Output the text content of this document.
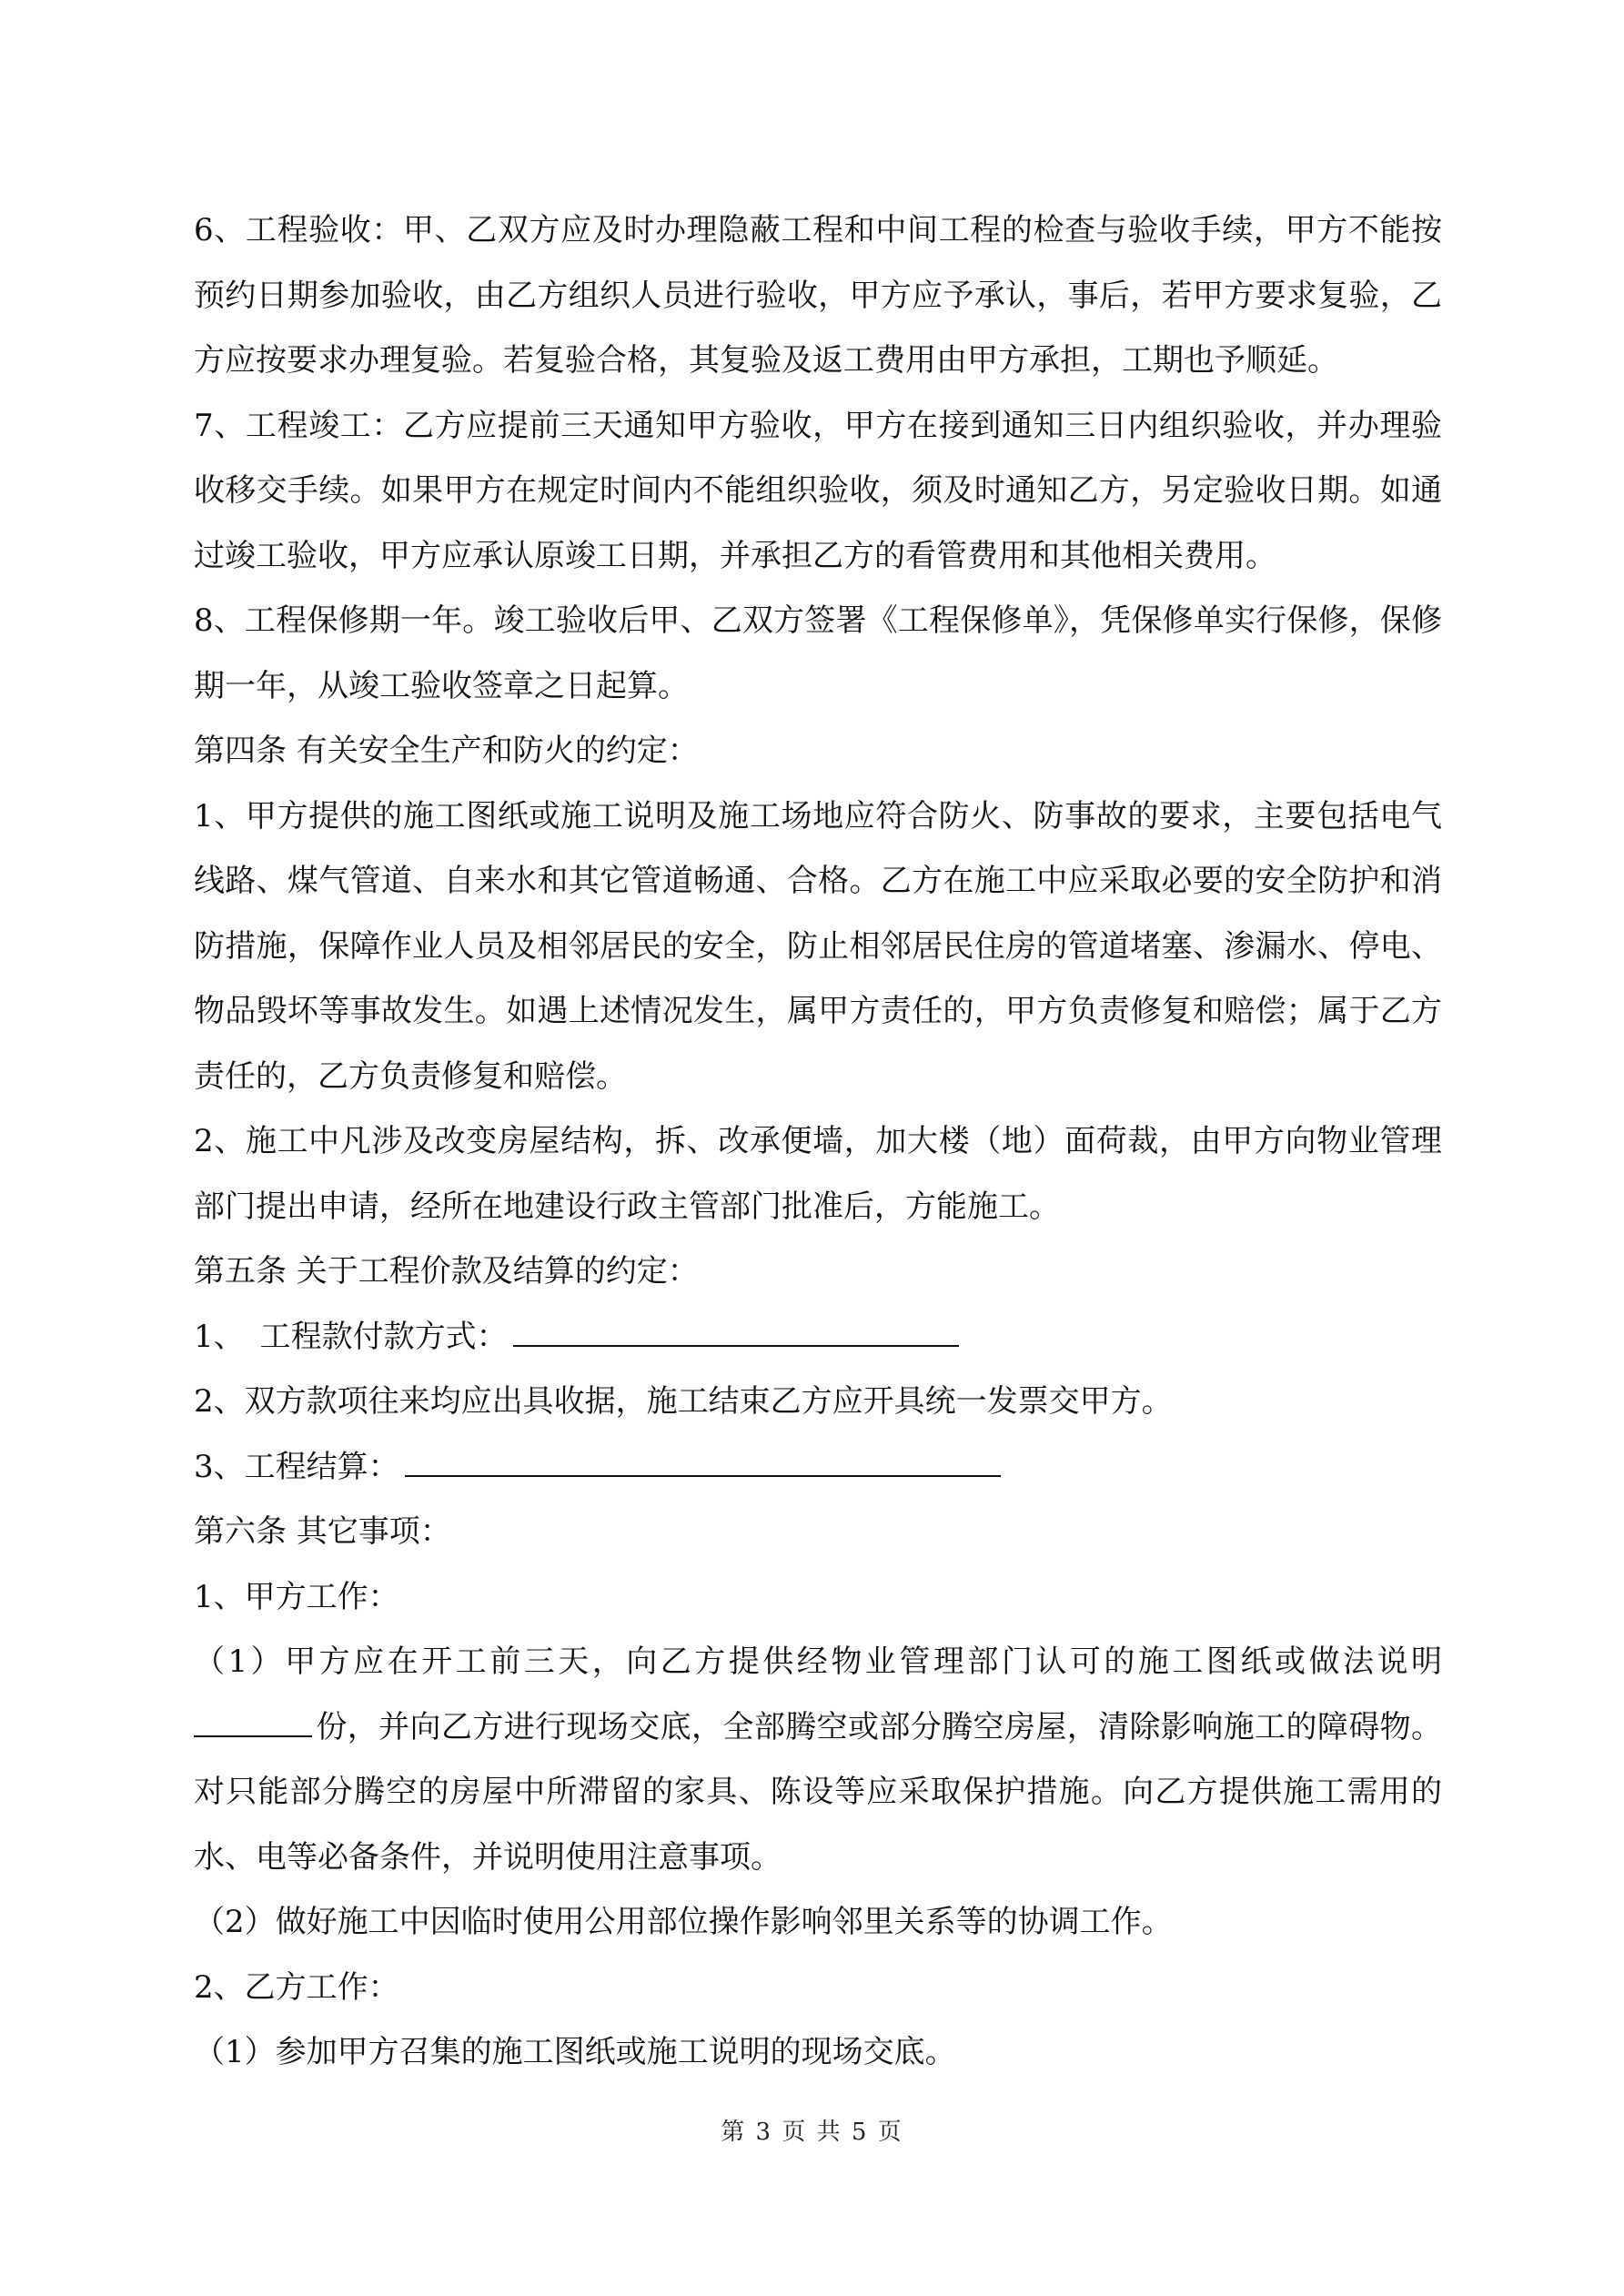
6、工程验收：甲、乙双方应及时办理隐蔽工程和中间工程的检查与验收手续，甲方不能按预约日期参加验收，由乙方组织人员进行验收，甲方应予承认，事后，若甲方要求复验，乙方应按要求办理复验。若复验合格，其复验及返工费用由甲方承担，工期也予顺延。

7、工程竣工：乙方应提前三天通知甲方验收，甲方在接到通知三日内组织验收，并办理验收移交手续。如果甲方在规定时间内不能组织验收，须及时通知乙方，另定验收日期。如通过竣工验收，甲方应承认原竣工日期，并承担乙方的看管费用和其他相关费用。

8、工程保修期一年。竣工验收后甲、乙双方签署《工程保修单》，凭保修单实行保修，保修期一年，从竣工验收签章之日起算。

第四条 有关安全生产和防火的约定：

1、甲方提供的施工图纸或施工说明及施工场地应符合防火、防事故的要求，主要包括电气线路、煤气管道、自来水和其它管道畅通、合格。乙方在施工中应采取必要的安全防护和消防措施，保障作业人员及相邻居民的安全，防止相邻居民住房的管道堵塞、渗漏水、停电、物品毁坏等事故发生。如遇上述情况发生，属甲方责任的，甲方负责修复和赔偿；属于乙方责任的，乙方负责修复和赔偿。

2、施工中凡涉及改变房屋结构，拆、改承便墙，加大楼（地）面荷裁，由甲方向物业管理部门提出申请，经所在地建设行政主管部门批准后，方能施工。

第五条 关于工程价款及结算的约定：

1、　工程款付款方式：

2、双方款项往来均应出具收据，施工结束乙方应开具统一发票交甲方。

3、工程结算：

第六条 其它事项：

1、甲方工作：

（1）甲方应在开工前三天，向乙方提供经物业管理部门认可的施工图纸或做法说明份，并向乙方进行现场交底，全部腾空或部分腾空房屋，清除影响施工的障碍物。对只能部分腾空的房屋中所滞留的家具、陈设等应采取保护措施。向乙方提供施工需用的水、电等必备条件，并说明使用注意事项。

（2）做好施工中因临时使用公用部位操作影响邻里关系等的协调工作。

2、乙方工作：

（1）参加甲方召集的施工图纸或施工说明的现场交底。

第 3 页 共 5 页
